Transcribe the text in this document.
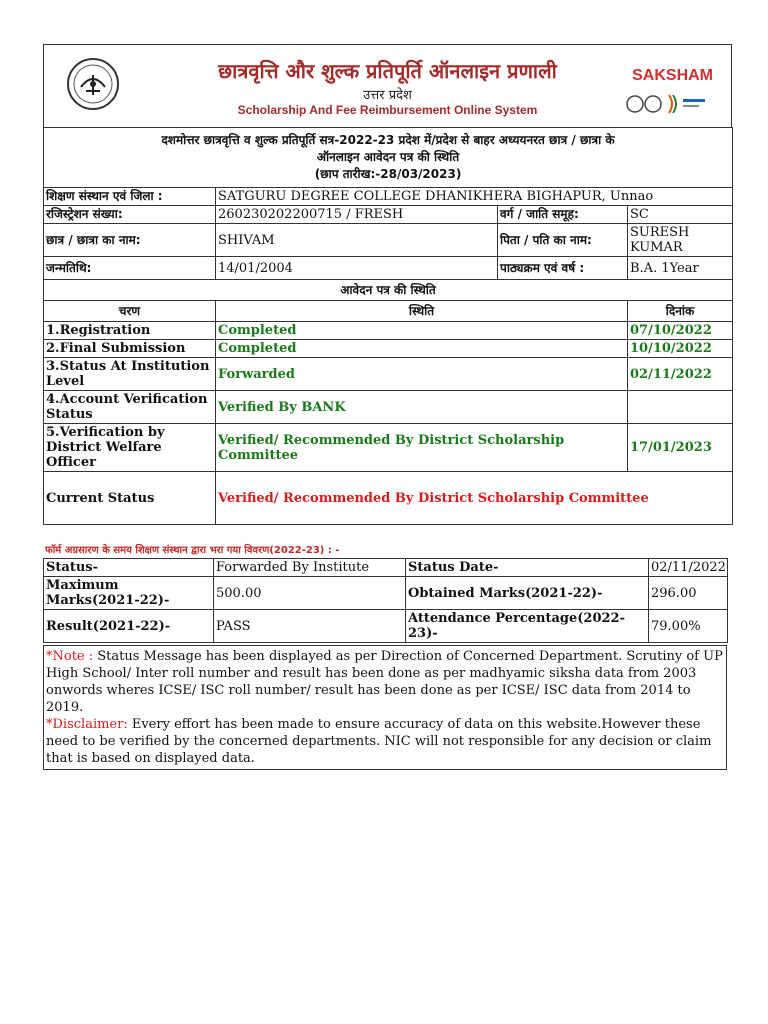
छात्रवृत्ति और शुल्क प्रतिपूर्ति ऑनलाइन प्रणाली
उत्तर प्रदेश
Scholarship And Fee Reimbursement Online System
SAKSHAM
दशमोत्तर छात्रवृत्ति व शुल्क प्रतिपूर्ति सत्र-2022-23 प्रदेश में/प्रदेश से बाहर अध्ययनरत छात्र / छात्रा के
ऑनलाइन आवेदन पत्र की स्थिति
(छाप तारीख:-28/03/2023)			

शिक्षण संस्थान एवं जिला :	SATGURU DEGREE COLLEGE DHANIKHERA BIGHAPUR, Unnao		
रजिस्ट्रेशन संख्या:	260230202200715 / FRESH	वर्ग / जाति समूह:	SC
छात्र / छात्रा का नाम:	SHIVAM	पिता / पति का नाम:	SURESH KUMAR
जन्मतिथि:	14/01/2004	पाठ्यक्रम एवं वर्ष :	B.A. 1Year
आवेदन पत्र की स्थिति			
चरण	स्थिति		दिनांक
1.Registration	Completed		07/10/2022
2.Final Submission	Completed		10/10/2022
3.Status At Institution Level	Forwarded		02/11/2022
4.Account Verification Status	Verified By BANK		
5.Verification by District Welfare Officer	Verified/ Recommended By District Scholarship Committee		17/01/2023
Current Status	Verified/ Recommended By District Scholarship Committee		
फॉर्म अग्रसारण के समय शिक्षण संस्थान द्वारा भरा गया विवरण(2022-23) : -
Status-	Forwarded By Institute	Status Date-	02/11/2022
Maximum Marks(2021-22)-	500.00	Obtained Marks(2021-22)-	296.00
Result(2021-22)-	PASS	Attendance Percentage(2022-23)-	79.00%
*Note : Status Message has been displayed as per Direction of Concerned Department. Scrutiny of UP High School/ Inter roll number and result has been done as per madhyamic siksha data from 2003 onwords wheres ICSE/ ISC roll number/ result has been done as per ICSE/ ISC data from 2014 to 2019.
*Disclaimer: Every effort has been made to ensure accuracy of data on this website.However these need to be verified by the concerned departments. NIC will not responsible for any decision or claim that is based on displayed data.
